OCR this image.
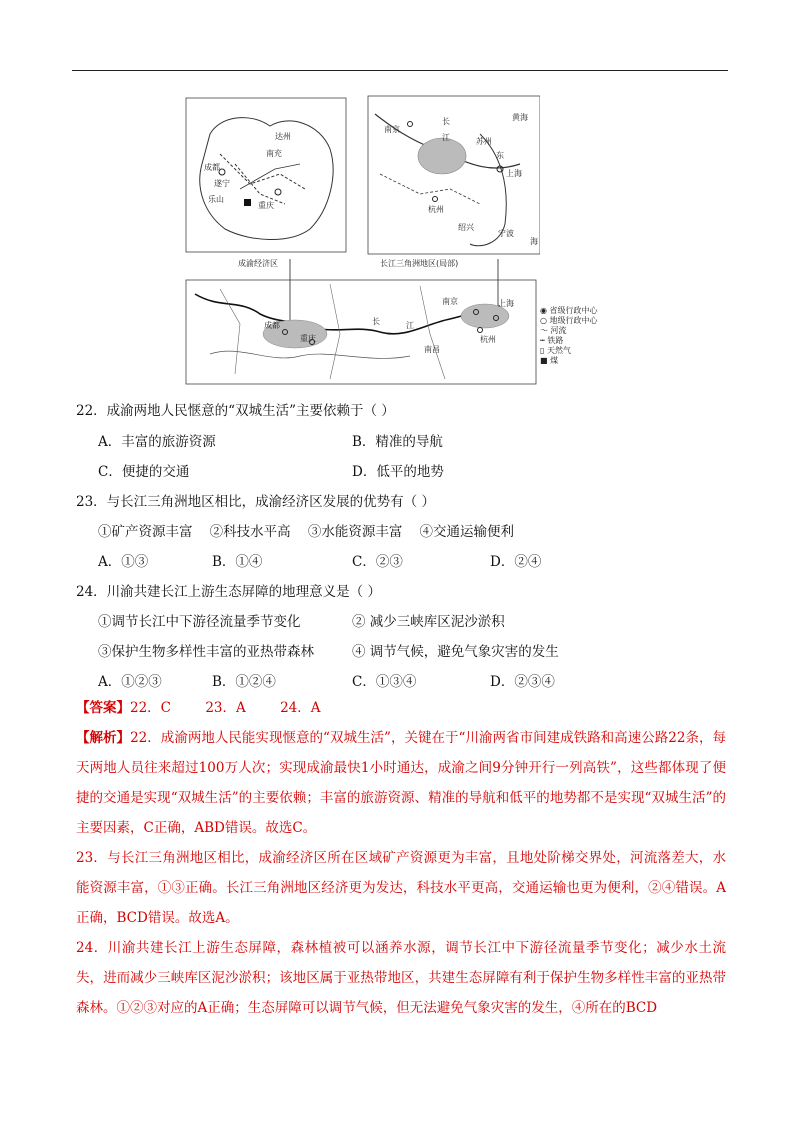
成都
南充
达州
遂宁
乐山
重庆
成渝经济区
南京
黄海
东
海
苏州
上海
杭州
绍兴
宁波
长
江
长江三角洲地区(局部)
成都
重庆
长	江
南昌
南京	上海
杭州
◉ 省级行政中心
○ 地级行政中心
～ 河流
┅ 铁路
▯ 天然气
■ 煤
22．成渝两地人民惬意的“双城生活”主要依赖于（ ）
A．丰富的旅游资源	B．精准的导航
C．便捷的交通	D．低平的地势
23．与长江三角洲地区相比，成渝经济区发展的优势有（ ）
①矿产资源丰富    ②科技水平高    ③水能资源丰富    ④交通运输便利
A．①③	B．①④	C．②③	D．②④
24．川渝共建长江上游生态屏障的地理意义是（ ）
①调节长江中下游径流量季节变化	② 减少三峡库区泥沙淤积
③保护生物多样性丰富的亚热带森林	④ 调节气候，避免气象灾害的发生
A．①②③	B．①②④	C．①③④	D．②③④
【答案】22．C        23．A        24．A
【解析】22．成渝两地人民能实现惬意的“双城生活”，关键在于“川渝两省市间建成铁路和高速公路22条，每天两地人员往来超过100万人次；实现成渝最快1小时通达，成渝之间9分钟开行一列高铁”，这些都体现了便捷的交通是实现“双城生活”的主要依赖；丰富的旅游资源、精准的导航和低平的地势都不是实现“双城生活”的主要因素，C正确，ABD错误。故选C。
23．与长江三角洲地区相比，成渝经济区所在区域矿产资源更为丰富，且地处阶梯交界处，河流落差大，水能资源丰富，①③正确。长江三角洲地区经济更为发达，科技水平更高，交通运输也更为便利，②④错误。A正确，BCD错误。故选A。
24．川渝共建长江上游生态屏障，森林植被可以涵养水源，调节长江中下游径流量季节变化；减少水土流失，进而减少三峡库区泥沙淤积；该地区属于亚热带地区，共建生态屏障有利于保护生物多样性丰富的亚热带森林。①②③对应的A正确；生态屏障可以调节气候，但无法避免气象灾害的发生，④所在的BCD
